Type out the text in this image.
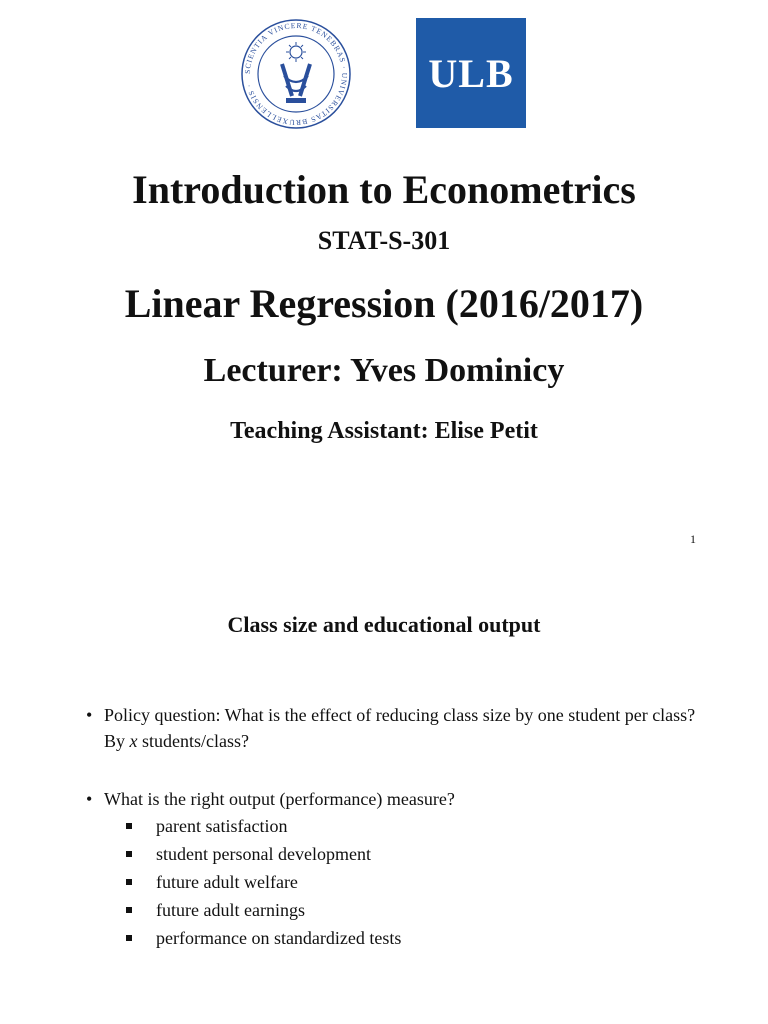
SCIENTIA VINCERE TENEBRAS · UNIVERSITAS BRUXELLENSIS ·	ULB
Introduction to Econometrics
STAT-S-301
Linear Regression (2016/2017)
Lecturer: Yves Dominicy
Teaching Assistant: Elise Petit
1
Class size and educational output
• Policy question: What is the effect of reducing class size by one student per class? By x students/class?
• What is the right output (performance) measure?
parent satisfaction
student personal development
future adult welfare
future adult earnings
performance on standardized tests
